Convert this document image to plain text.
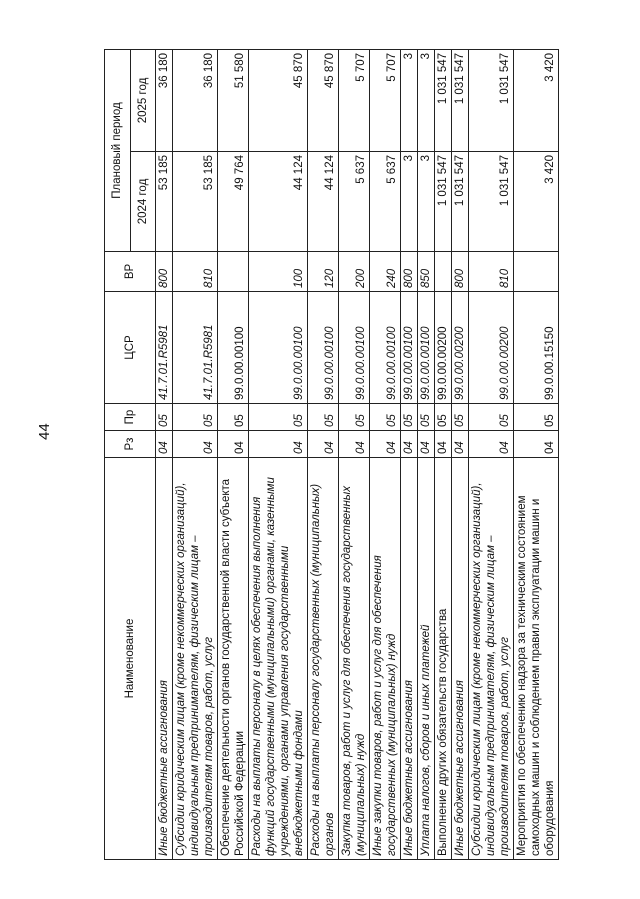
44
Наименование	Рз	Пр	ЦСР	ВР	Плановый период	
					2024 год	2025 год
Иные бюджетные ассигнования	04	05	41.7.01.R5981	800	53 185	36 180
Субсидии юридическим лицам (кроме некоммерческих организаций), индивидуальным предпринимателям, физическим лицам – производителям товаров, работ, услуг	04	05	41.7.01.R5981	810	53 185	36 180
Обеспечение деятельности органов государственной власти субъекта Российской Федерации	04	05	99.0.00.00100		49 764	51 580
Расходы на выплаты персоналу в целях обеспечения выполнения функций государственными (муниципальными) органами, казенными учреждениями, органами управления государственными внебюджетными фондами	04	05	99.0.00.00100	100	44 124	45 870
Расходы на выплаты персоналу государственных (муниципальных) органов	04	05	99.0.00.00100	120	44 124	45 870
Закупка товаров, работ и услуг для обеспечения государственных (муниципальных) нужд	04	05	99.0.00.00100	200	5 637	5 707
Иные закупки товаров, работ и услуг для обеспечения государственных (муниципальных) нужд	04	05	99.0.00.00100	240	5 637	5 707
Иные бюджетные ассигнования	04	05	99.0.00.00100	800	3	3
Уплата налогов, сборов и иных платежей	04	05	99.0.00.00100	850	3	3
Выполнение других обязательств государства	04	05	99.0.00.00200		1 031 547	1 031 547
Иные бюджетные ассигнования	04	05	99.0.00.00200	800	1 031 547	1 031 547
Субсидии юридическим лицам (кроме некоммерческих организаций), индивидуальным предпринимателям, физическим лицам – производителям товаров, работ, услуг	04	05	99.0.00.00200	810	1 031 547	1 031 547
Мероприятия по обеспечению надзора за техническим состоянием самоходных машин и соблюдением правил эксплуатации машин и оборудования	04	05	99.0.00.15150		3 420	3 420
